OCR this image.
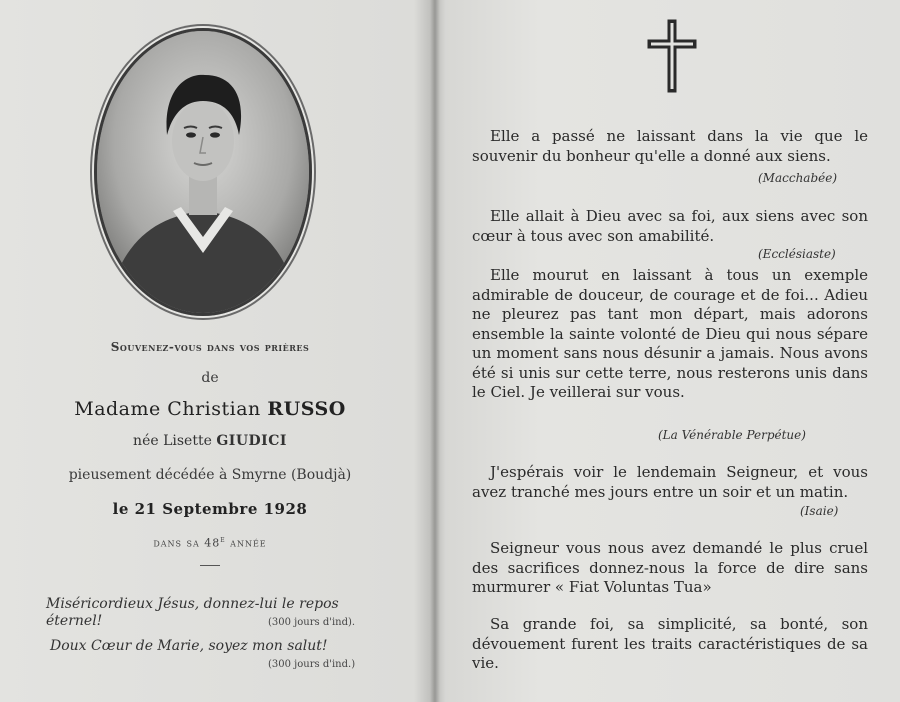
Souvenez-vous dans vos prières
de
Madame Christian RUSSO
née Lisette GIUDICI
pieusement décédée à Smyrne (Boudjà)
le 21 Septembre 1928
dans sa 48e année
Miséricordieux Jésus, donnez-lui le repos éternel!	(300 jours d'ind).
Doux Cœur de Marie, soyez mon salut!
(300 jours d'ind.)

Elle a passé ne laissant dans la vie que le souvenir du bonheur qu'elle a donné aux siens.

(Macchabée)

Elle allait à Dieu avec sa foi, aux siens avec son cœur à tous avec son amabilité.

(Ecclésiaste)

Elle mourut en laissant à tous un exemple admirable de douceur, de courage et de foi... Adieu ne pleurez pas tant mon départ, mais adorons ensemble la sainte volonté de Dieu qui nous sépare un moment sans nous désunir a jamais. Nous avons été si unis sur cette terre, nous resterons unis dans le Ciel. Je veillerai sur vous.

(La Vénérable Perpétue)

J'espérais voir le lendemain Seigneur, et vous avez tranché mes jours entre un soir et un matin.

(Isaie)

Seigneur vous nous avez demandé le plus cruel des sacrifices donnez-nous la force de dire sans murmurer « Fiat Voluntas Tua»

Sa grande foi, sa simplicité, sa bonté, son dévouement furent les traits caractéristiques de sa vie.
